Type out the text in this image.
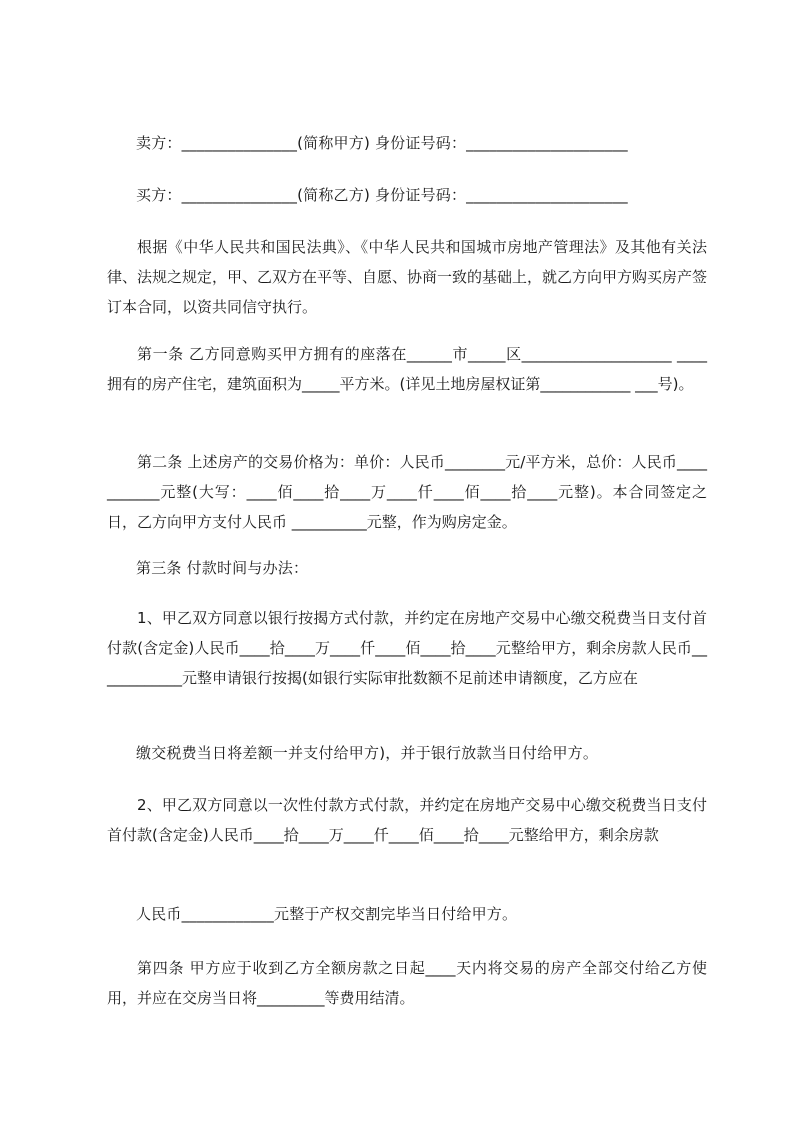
卖方：_______________(简称甲方) 身份证号码：_____________________
买方：_______________(简称乙方) 身份证号码：_____________________
根据《中华人民共和国民法典》、《中华人民共和国城市房地产管理法》及其他有关法律、法规之规定，甲、乙双方在平等、自愿、协商一致的基础上，就乙方向甲方购买房产签订本合同，以资共同信守执行。
第一条 乙方同意购买甲方拥有的座落在______市_____区____________________ ____拥有的房产住宅，建筑面积为_____平方米。(详见土地房屋权证第____________ ___号)。
第二条 上述房产的交易价格为：单价：人民币________元/平方米，总价：人民币___________元整(大写：____佰____拾____万____仟____佰____拾____元整)。本合同签定之日，乙方向甲方支付人民币 __________元整，作为购房定金。
第三条 付款时间与办法：
1、甲乙双方同意以银行按揭方式付款，并约定在房地产交易中心缴交税费当日支付首付款(含定金)人民币____拾____万____仟____佰____拾____元整给甲方，剩余房款人民币____________元整申请银行按揭(如银行实际审批数额不足前述申请额度，乙方应在
缴交税费当日将差额一并支付给甲方)，并于银行放款当日付给甲方。
2、甲乙双方同意以一次性付款方式付款，并约定在房地产交易中心缴交税费当日支付首付款(含定金)人民币____拾____万____仟____佰____拾____元整给甲方，剩余房款
人民币____________元整于产权交割完毕当日付给甲方。
第四条 甲方应于收到乙方全额房款之日起____天内将交易的房产全部交付给乙方使用，并应在交房当日将_________等费用结清。
